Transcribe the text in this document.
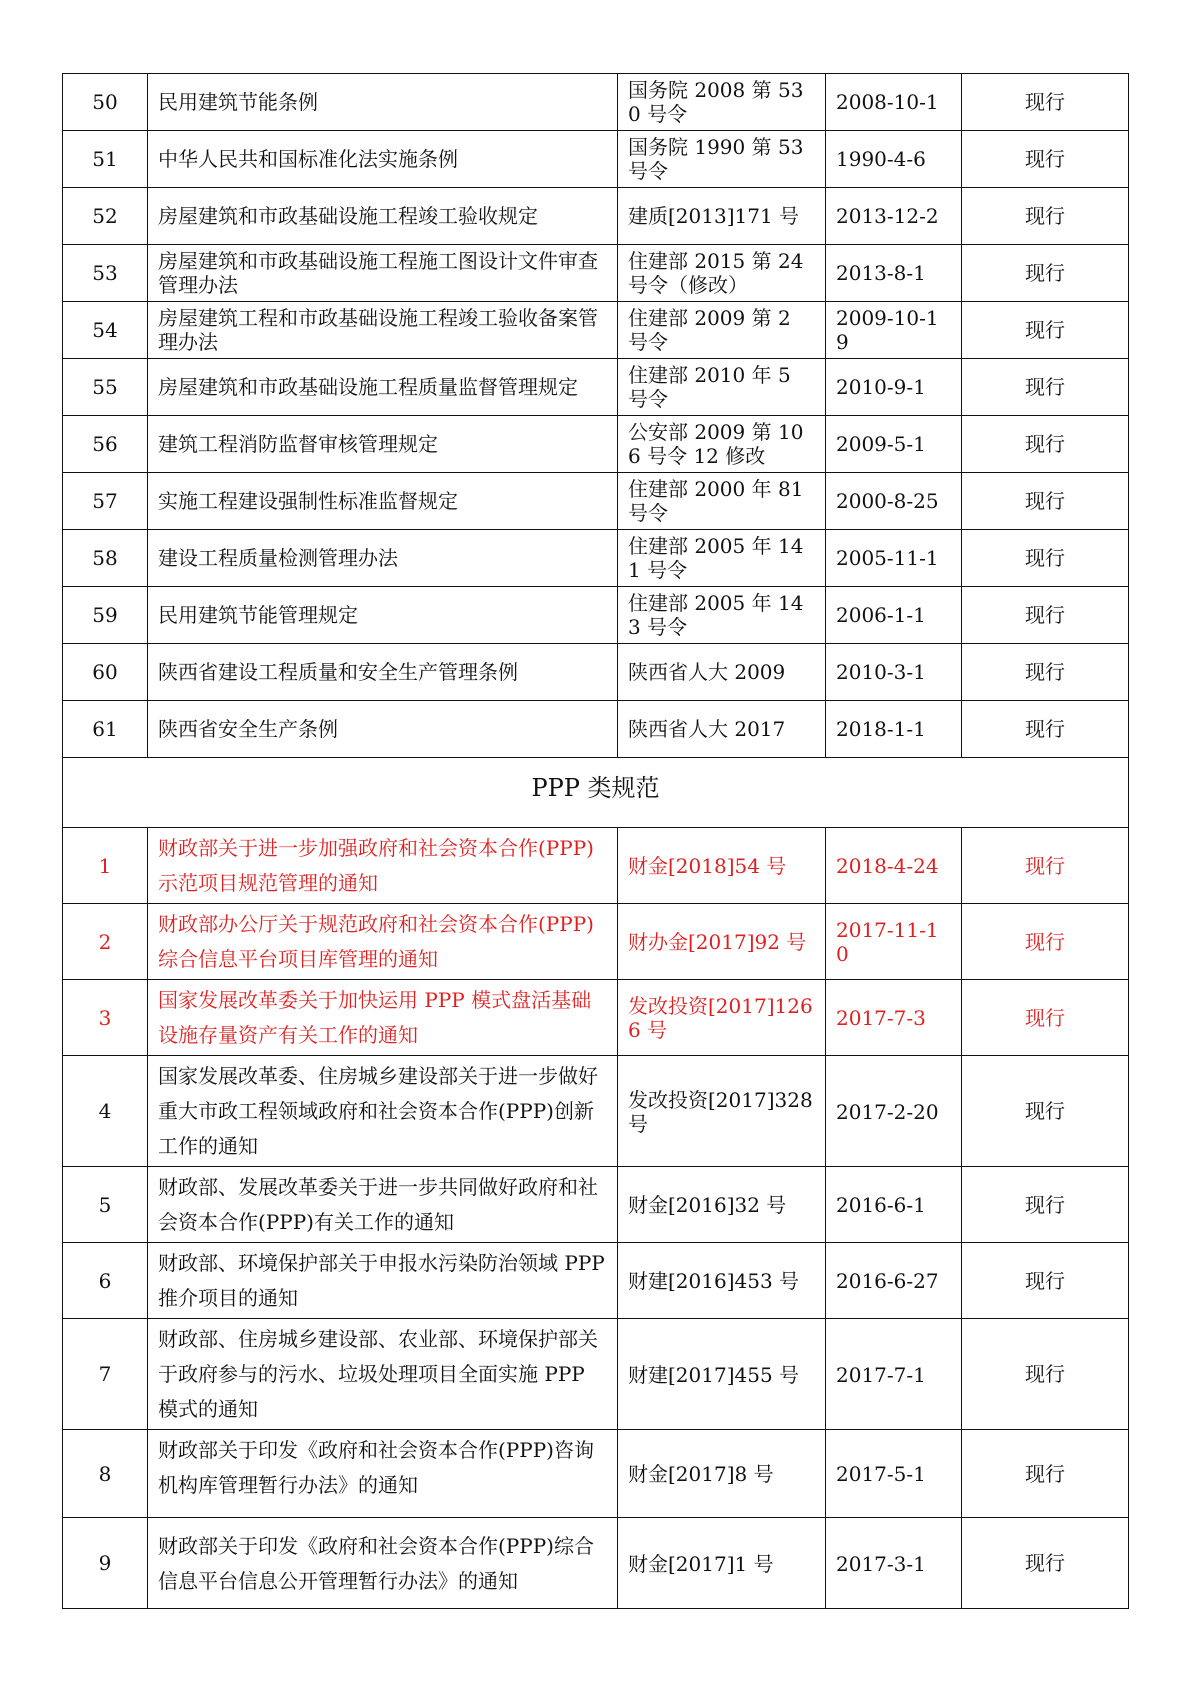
50	民用建筑节能条例	国务院 2008 第 530 号令	2008-10-1	现行
51	中华人民共和国标准化法实施条例	国务院 1990 第 53 号令	1990-4-6	现行
52	房屋建筑和市政基础设施工程竣工验收规定	建质[2013]171 号	2013-12-2	现行
53	房屋建筑和市政基础设施工程施工图设计文件审查管理办法	住建部 2015 第 24 号令（修改）	2013-8-1	现行
54	房屋建筑工程和市政基础设施工程竣工验收备案管理办法	住建部 2009 第 2 号令	2009-10-19	现行
55	房屋建筑和市政基础设施工程质量监督管理规定	住建部 2010 年 5 号令	2010-9-1	现行
56	建筑工程消防监督审核管理规定	公安部 2009 第 106 号令 12 修改	2009-5-1	现行
57	实施工程建设强制性标准监督规定	住建部 2000 年 81 号令	2000-8-25	现行
58	建设工程质量检测管理办法	住建部 2005 年 141 号令	2005-11-1	现行
59	民用建筑节能管理规定	住建部 2005 年 143 号令	2006-1-1	现行
60	陕西省建设工程质量和安全生产管理条例	陕西省人大 2009	2010-3-1	现行
61	陕西省安全生产条例	陕西省人大 2017	2018-1-1	现行
PPP 类规范				
1	财政部关于进一步加强政府和社会资本合作(PPP)示范项目规范管理的通知	财金[2018]54 号	2018-4-24	现行
2	财政部办公厅关于规范政府和社会资本合作(PPP)综合信息平台项目库管理的通知	财办金[2017]92 号	2017-11-10	现行
3	国家发展改革委关于加快运用 PPP 模式盘活基础设施存量资产有关工作的通知	发改投资[2017]1266 号	2017-7-3	现行
4	国家发展改革委、住房城乡建设部关于进一步做好重大市政工程领域政府和社会资本合作(PPP)创新工作的通知	发改投资[2017]328 号	2017-2-20	现行
5	财政部、发展改革委关于进一步共同做好政府和社会资本合作(PPP)有关工作的通知	财金[2016]32 号	2016-6-1	现行
6	财政部、环境保护部关于申报水污染防治领域 PPP 推介项目的通知	财建[2016]453 号	2016-6-27	现行
7	财政部、住房城乡建设部、农业部、环境保护部关于政府参与的污水、垃圾处理项目全面实施 PPP 模式的通知	财建[2017]455 号	2017-7-1	现行
8	财政部关于印发《政府和社会资本合作(PPP)咨询机构库管理暂行办法》的通知	财金[2017]8 号	2017-5-1	现行
9	财政部关于印发《政府和社会资本合作(PPP)综合信息平台信息公开管理暂行办法》的通知	财金[2017]1 号	2017-3-1	现行
